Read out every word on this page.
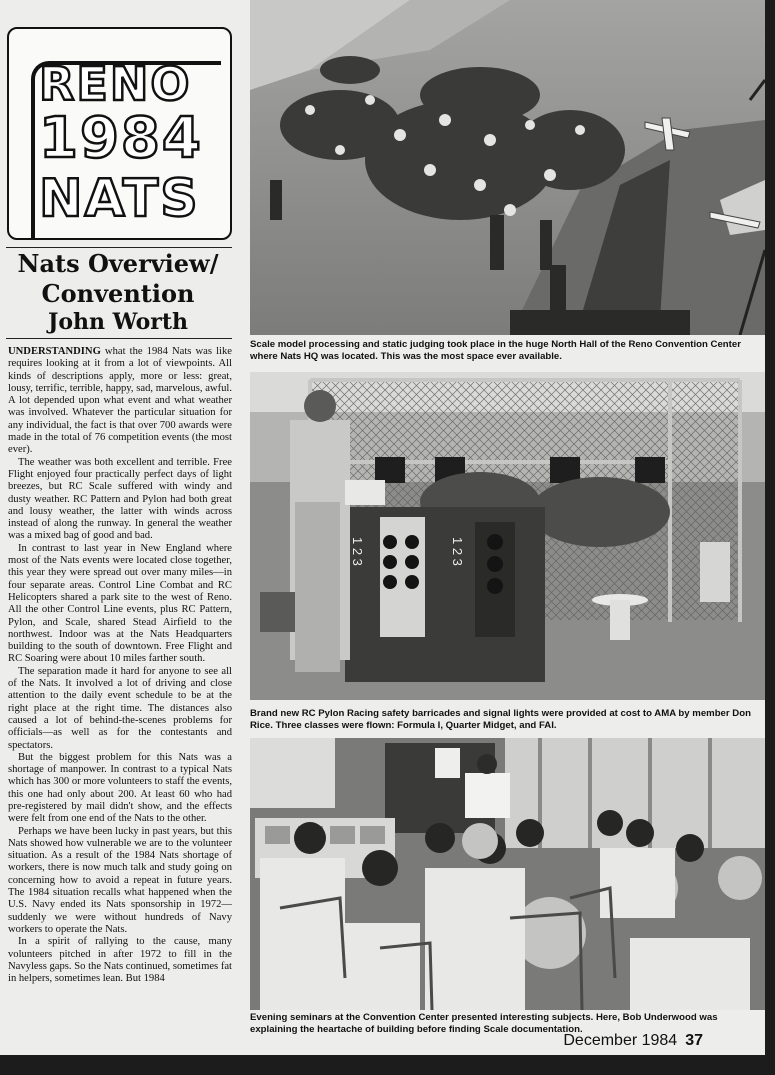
RENO
1984
NATS
Nats Overview/
Convention
John Worth

UNDERSTANDING what the 1984 Nats was like requires looking at it from a lot of viewpoints. All kinds of descriptions apply, more or less: great, lousy, terrific, terrible, happy, sad, marvelous, awful. A lot depended upon what event and what weather was involved. Whatever the particular situation for any individual, the fact is that over 700 awards were made in the total of 76 competition events (the most ever).

The weather was both excellent and terrible. Free Flight enjoyed four practically perfect days of light breezes, but RC Scale suffered with windy and dusty weather. RC Pattern and Pylon had both great and lousy weather, the latter with winds across instead of along the runway. In general the weather was a mixed bag of good and bad.

In contrast to last year in New England where most of the Nats events were located close together, this year they were spread out over many miles—in four separate areas. Control Line Combat and RC Helicopters shared a park site to the west of Reno. All the other Control Line events, plus RC Pattern, Pylon, and Scale, shared Stead Airfield to the northwest. Indoor was at the Nats Headquarters building to the south of downtown. Free Flight and RC Soaring were about 10 miles farther south.

The separation made it hard for anyone to see all of the Nats. It involved a lot of driving and close attention to the daily event schedule to be at the right place at the right time. The distances also caused a lot of behind-the-scenes problems for officials—as well as for the contestants and spectators.

But the biggest problem for this Nats was a shortage of manpower. In contrast to a typical Nats which has 300 or more volunteers to staff the events, this one had only about 200. At least 60 who had pre-registered by mail didn't show, and the effects were felt from one end of the Nats to the other.

Perhaps we have been lucky in past years, but this Nats showed how vulnerable we are to the volunteer situation. As a result of the 1984 Nats shortage of workers, there is now much talk and study going on concerning how to avoid a repeat in future years. The 1984 situation recalls what happened when the U.S. Navy ended its Nats sponsorship in 1972—suddenly we were without hundreds of Navy workers to operate the Nats.

In a spirit of rallying to the cause, many volunteers pitched in after 1972 to fill in the Navyless gaps. So the Nats continued, sometimes fat in helpers, sometimes lean. But 1984

Scale model processing and static judging took place in the huge North Hall of the Reno Convention Center where Nats HQ was located. This was the most space ever available.
1 2 3	1 2 3
Brand new RC Pylon Racing safety barricades and signal lights were provided at cost to AMA by member Don Rice. Three classes were flown: Formula I, Quarter Midget, and FAI.
Evening seminars at the Convention Center presented interesting subjects. Here, Bob Underwood was explaining the heartache of building before finding Scale documentation.
December 1984 37
